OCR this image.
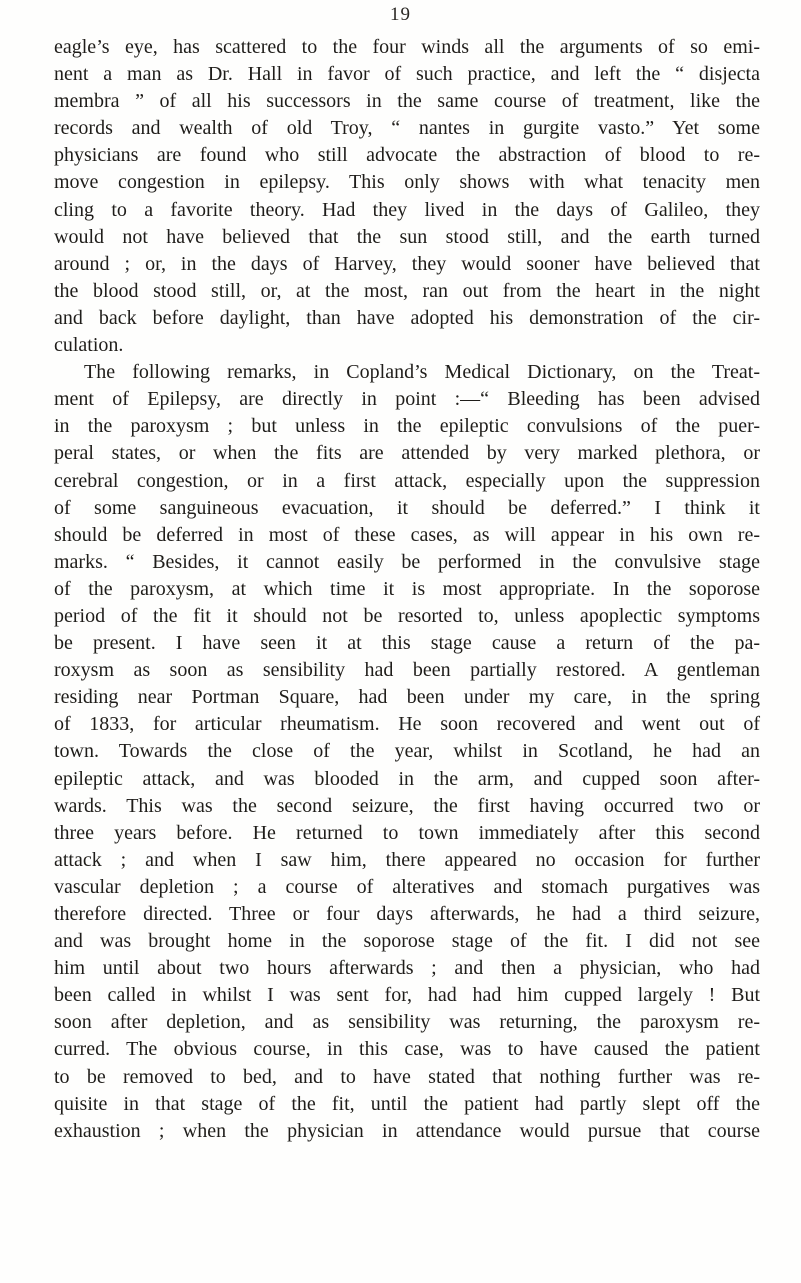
19
eagle’s eye, has scattered to the four winds all the arguments of so emi-
nent a man as Dr. Hall in favor of such practice, and left the “ disjecta
membra ” of all his successors in the same course of treatment, like the
records and wealth of old Troy, “ nantes in gurgite vasto.” Yet some
physicians are found who still advocate the abstraction of blood to re-
move congestion in epilepsy. This only shows with what tenacity men
cling to a favorite theory. Had they lived in the days of Galileo, they
would not have believed that the sun stood still, and the earth turned
around ; or, in the days of Harvey, they would sooner have believed that
the blood stood still, or, at the most, ran out from the heart in the night
and back before daylight, than have adopted his demonstration of the cir-
culation.
The following remarks, in Copland’s Medical Dictionary, on the Treat-
ment of Epilepsy, are directly in point :—“ Bleeding has been advised
in the paroxysm ; but unless in the epileptic convulsions of the puer-
peral states, or when the fits are attended by very marked plethora, or
cerebral congestion, or in a first attack, especially upon the suppression
of some sanguineous evacuation, it should be deferred.” I think it
should be deferred in most of these cases, as will appear in his own re-
marks. “ Besides, it cannot easily be performed in the convulsive stage
of the paroxysm, at which time it is most appropriate. In the soporose
period of the fit it should not be resorted to, unless apoplectic symptoms
be present. I have seen it at this stage cause a return of the pa-
roxysm as soon as sensibility had been partially restored. A gentleman
residing near Portman Square, had been under my care, in the spring
of 1833, for articular rheumatism. He soon recovered and went out of
town. Towards the close of the year, whilst in Scotland, he had an
epileptic attack, and was blooded in the arm, and cupped soon after-
wards. This was the second seizure, the first having occurred two or
three years before. He returned to town immediately after this second
attack ; and when I saw him, there appeared no occasion for further
vascular depletion ; a course of alteratives and stomach purgatives was
therefore directed. Three or four days afterwards, he had a third seizure,
and was brought home in the soporose stage of the fit. I did not see
him until about two hours afterwards ; and then a physician, who had
been called in whilst I was sent for, had had him cupped largely ! But
soon after depletion, and as sensibility was returning, the paroxysm re-
curred. The obvious course, in this case, was to have caused the patient
to be removed to bed, and to have stated that nothing further was re-
quisite in that stage of the fit, until the patient had partly slept off the
exhaustion ; when the physician in attendance would pursue that course
